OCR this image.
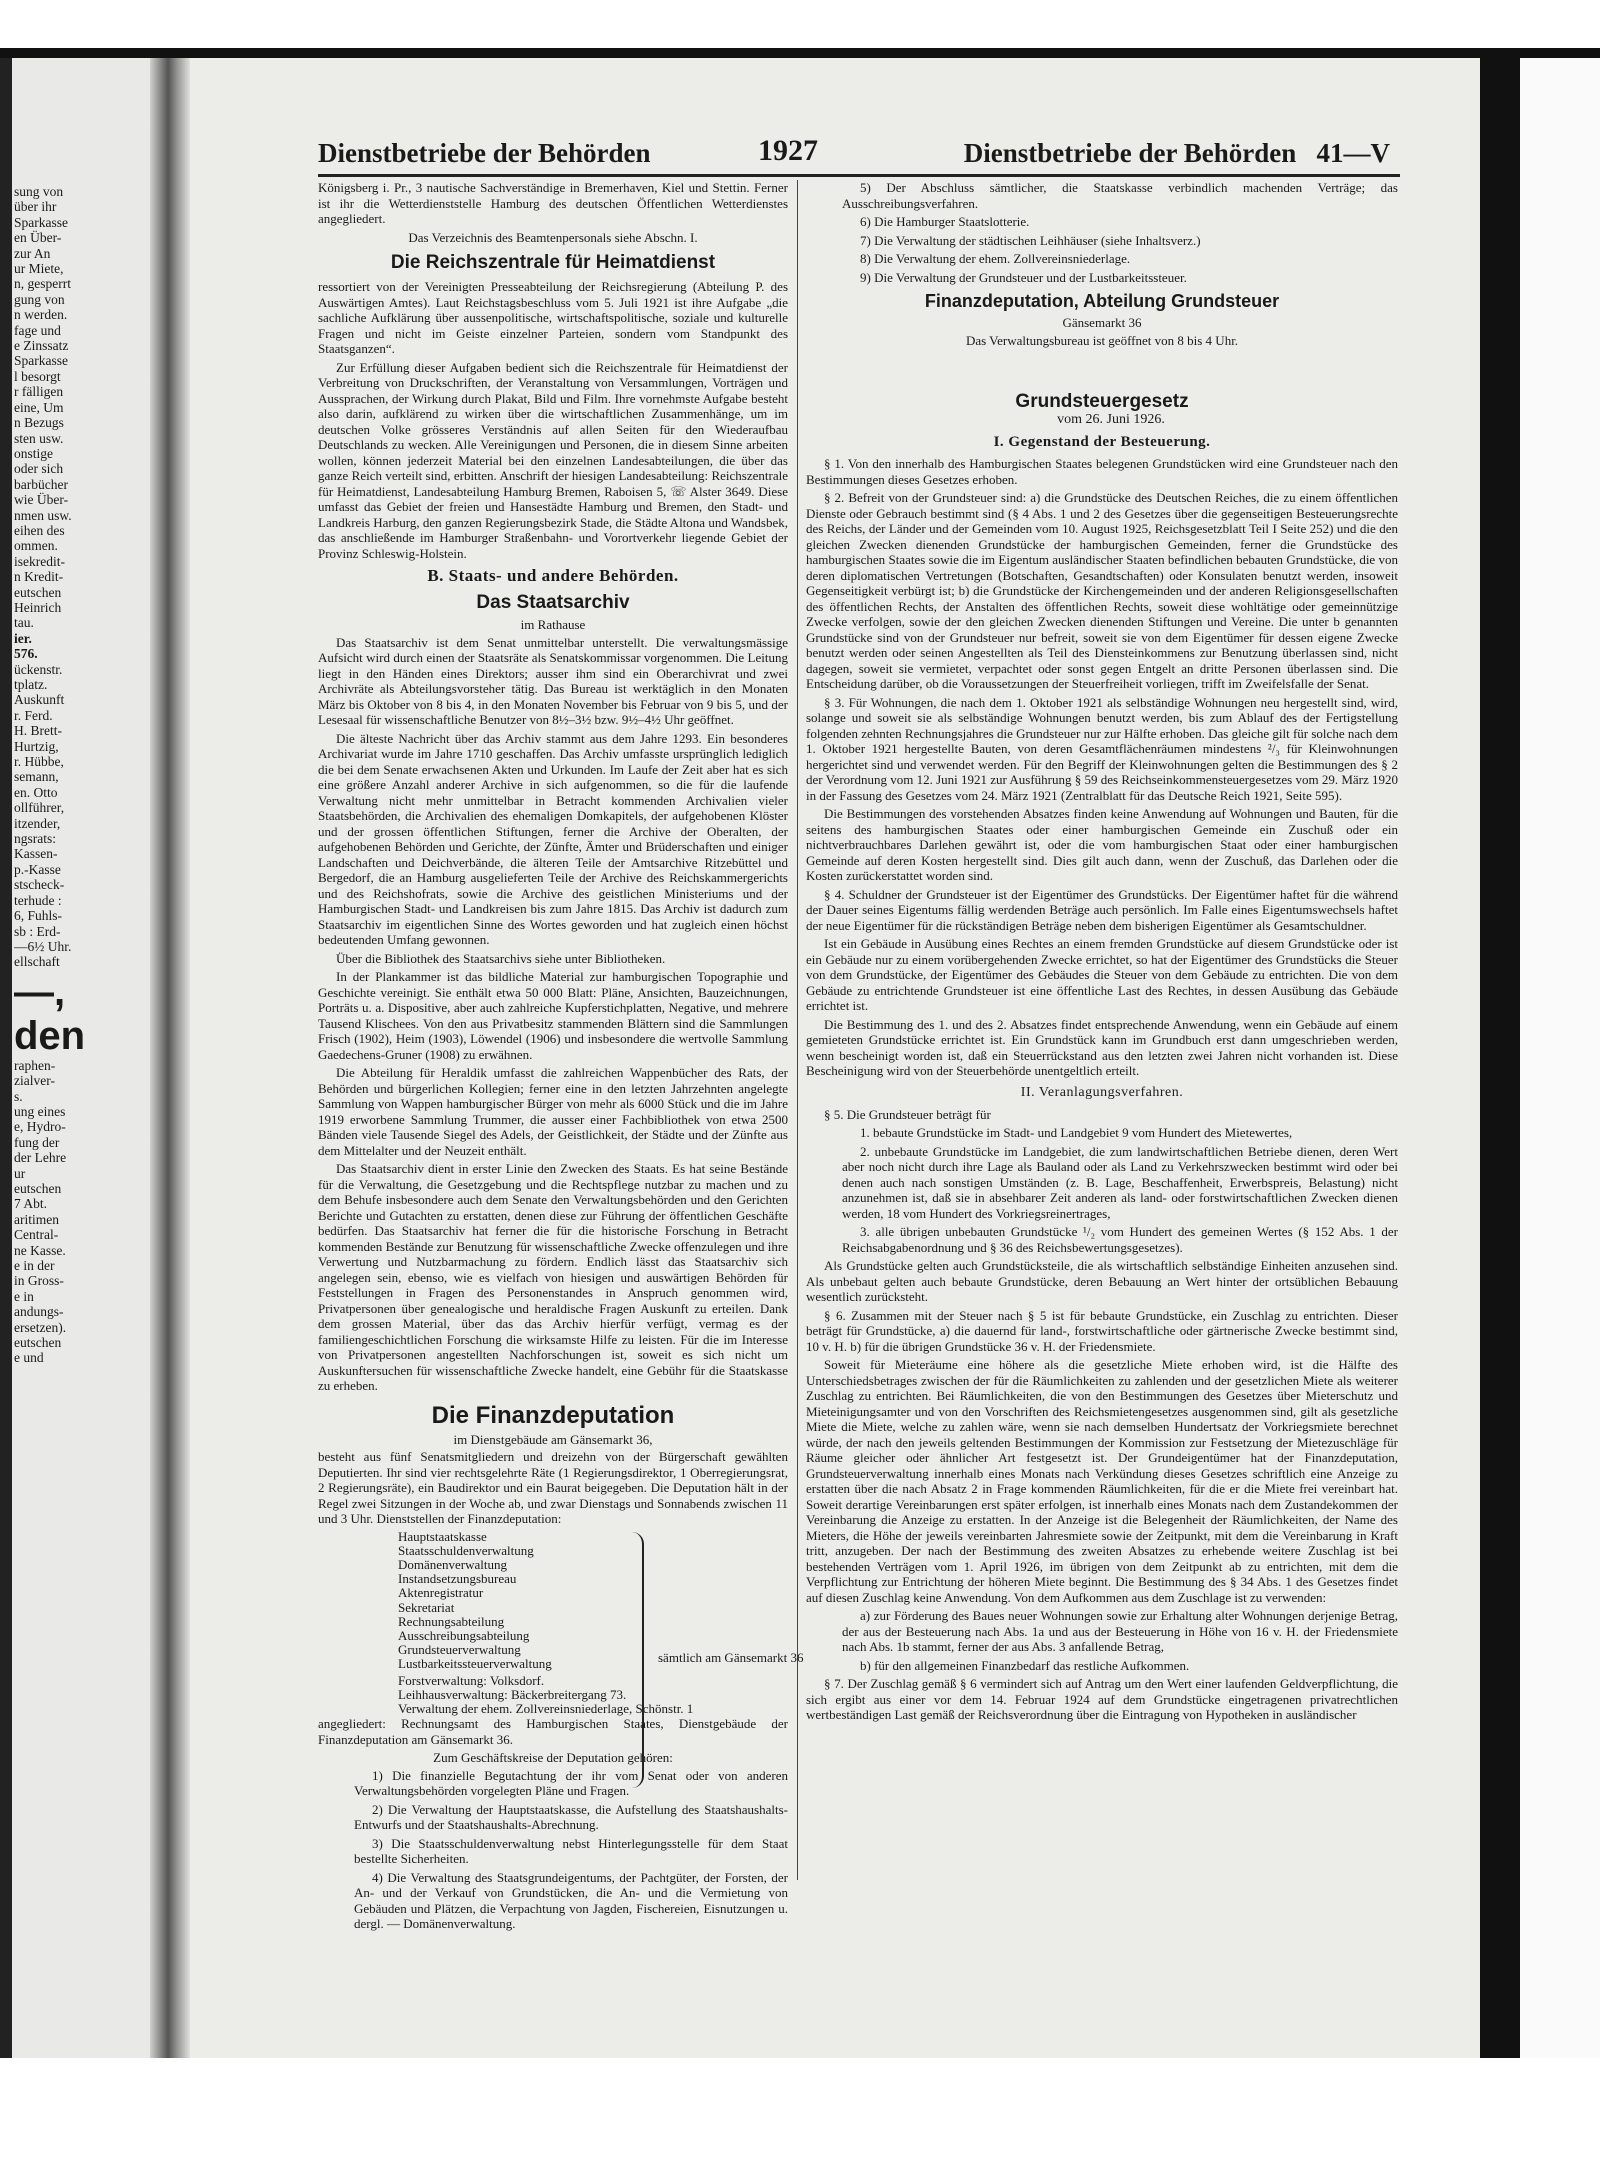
sung von
über ihr
Sparkasse
en Über-
zur An
ur Miete,
n, gesperrt
gung von
n werden.
fage und
e Zinssatz
Sparkasse
l besorgt
r fälligen
eine, Um
n Bezugs
sten usw.
onstige
oder sich
barbücher
wie Über-
nmen usw.
eihen des
ommen.
isekredit-
n Kredit-
eutschen
Heinrich
tau.
ier.
576.
ückenstr.
tplatz.
Auskunft
r. Ferd.
H. Brett-
Hurtzig,
r. Hübbe,
semann,
en. Otto
ollführer,
itzender,
ngsrats:
Kassen-
p.-Kasse
stscheck-
terhude :
6, Fuhls-
sb : Erd-
—6½ Uhr.
ellschaft
—,
den
raphen-
zialver-
s.
ung eines
e, Hydro-
fung der
der Lehre
ur
eutschen
7 Abt.
aritimen
Central-
ne Kasse.
e in der
in Gross-
e in
andungs-
ersetzen).
eutschen
e und
Dienstbetriebe der Behörden	1927	Dienstbetriebe der Behörden 41—V

Königsberg i. Pr., 3 nautische Sachverständige in Bremerhaven, Kiel und Stettin. Ferner ist ihr die Wetterdienststelle Hamburg des deutschen Öffentlichen Wetterdienstes angegliedert.

Das Verzeichnis des Beamtenpersonals siehe Abschn. I.

Die Reichszentrale für Heimatdienst

ressortiert von der Vereinigten Presseabteilung der Reichsregierung (Abteilung P. des Auswärtigen Amtes). Laut Reichstagsbeschluss vom 5. Juli 1921 ist ihre Aufgabe „die sachliche Aufklärung über aussenpolitische, wirtschaftspolitische, soziale und kulturelle Fragen und nicht im Geiste einzelner Parteien, sondern vom Standpunkt des Staatsganzen“.

Zur Erfüllung dieser Aufgaben bedient sich die Reichszentrale für Heimatdienst der Verbreitung von Druckschriften, der Veranstaltung von Versammlungen, Vorträgen und Aussprachen, der Wirkung durch Plakat, Bild und Film. Ihre vornehmste Aufgabe besteht also darin, aufklärend zu wirken über die wirtschaftlichen Zusammenhänge, um im deutschen Volke grösseres Verständnis auf allen Seiten für den Wiederaufbau Deutschlands zu wecken. Alle Vereinigungen und Personen, die in diesem Sinne arbeiten wollen, können jederzeit Material bei den einzelnen Landesabteilungen, die über das ganze Reich verteilt sind, erbitten. Anschrift der hiesigen Landesabteilung: Reichszentrale für Heimatdienst, Landesabteilung Hamburg Bremen, Raboisen 5, ☏ Alster 3649. Diese umfasst das Gebiet der freien und Hansestädte Hamburg und Bremen, den Stadt- und Landkreis Harburg, den ganzen Regierungsbezirk Stade, die Städte Altona und Wandsbek, das anschließende im Hamburger Straßenbahn- und Vorortverkehr liegende Gebiet der Provinz Schleswig-Holstein.

B. Staats- und andere Behörden.
Das Staatsarchiv

im Rathause

Das Staatsarchiv ist dem Senat unmittelbar unterstellt. Die verwaltungsmässige Aufsicht wird durch einen der Staatsräte als Senatskommissar vorgenommen. Die Leitung liegt in den Händen eines Direktors; ausser ihm sind ein Oberarchivrat und zwei Archivräte als Abteilungsvorsteher tätig. Das Bureau ist werktäglich in den Monaten März bis Oktober von 8 bis 4, in den Monaten November bis Februar von 9 bis 5, und der Lesesaal für wissenschaftliche Benutzer von 8½–3½ bzw. 9½–4½ Uhr geöffnet.

Die älteste Nachricht über das Archiv stammt aus dem Jahre 1293. Ein besonderes Archivariat wurde im Jahre 1710 geschaffen. Das Archiv umfasste ursprünglich lediglich die bei dem Senate erwachsenen Akten und Urkunden. Im Laufe der Zeit aber hat es sich eine größere Anzahl anderer Archive in sich aufgenommen, so die für die laufende Verwaltung nicht mehr unmittelbar in Betracht kommenden Archivalien vieler Staatsbehörden, die Archivalien des ehemaligen Domkapitels, der aufgehobenen Klöster und der grossen öffentlichen Stiftungen, ferner die Archive der Oberalten, der aufgehobenen Behörden und Gerichte, der Zünfte, Ämter und Brüderschaften und einiger Landschaften und Deichverbände, die älteren Teile der Amtsarchive Ritzebüttel und Bergedorf, die an Hamburg ausgelieferten Teile der Archive des Reichskammergerichts und des Reichshofrats, sowie die Archive des geistlichen Ministeriums und der Hamburgischen Stadt- und Landkreisen bis zum Jahre 1815. Das Archiv ist dadurch zum Staatsarchiv im eigentlichen Sinne des Wortes geworden und hat zugleich einen höchst bedeutenden Umfang gewonnen.

Über die Bibliothek des Staatsarchivs siehe unter Bibliotheken.

In der Plankammer ist das bildliche Material zur hamburgischen Topographie und Geschichte vereinigt. Sie enthält etwa 50 000 Blatt: Pläne, Ansichten, Bauzeichnungen, Porträts u. a. Dispositive, aber auch zahlreiche Kupferstichplatten, Negative, und mehrere Tausend Klischees. Von den aus Privatbesitz stammenden Blättern sind die Sammlungen Frisch (1902), Heim (1903), Löwendel (1906) und insbesondere die wertvolle Sammlung Gaedechens-Gruner (1908) zu erwähnen.

Die Abteilung für Heraldik umfasst die zahlreichen Wappenbücher des Rats, der Behörden und bürgerlichen Kollegien; ferner eine in den letzten Jahrzehnten angelegte Sammlung von Wappen hamburgischer Bürger von mehr als 6000 Stück und die im Jahre 1919 erworbene Sammlung Trummer, die ausser einer Fachbibliothek von etwa 2500 Bänden viele Tausende Siegel des Adels, der Geistlichkeit, der Städte und der Zünfte aus dem Mittelalter und der Neuzeit enthält.

Das Staatsarchiv dient in erster Linie den Zwecken des Staats. Es hat seine Bestände für die Verwaltung, die Gesetzgebung und die Rechtspflege nutzbar zu machen und zu dem Behufe insbesondere auch dem Senate den Verwaltungsbehörden und den Gerichten Berichte und Gutachten zu erstatten, denen diese zur Führung der öffentlichen Geschäfte bedürfen. Das Staatsarchiv hat ferner die für die historische Forschung in Betracht kommenden Bestände zur Benutzung für wissenschaftliche Zwecke offenzulegen und ihre Verwertung und Nutzbarmachung zu fördern. Endlich lässt das Staatsarchiv sich angelegen sein, ebenso, wie es vielfach von hiesigen und auswärtigen Behörden für Feststellungen in Fragen des Personenstandes in Anspruch genommen wird, Privatpersonen über genealogische und heraldische Fragen Auskunft zu erteilen. Dank dem grossen Material, über das das Archiv hierfür verfügt, vermag es der familiengeschichtlichen Forschung die wirksamste Hilfe zu leisten. Für die im Interesse von Privatpersonen angestellten Nachforschungen ist, soweit es sich nicht um Auskunftersuchen für wissenschaftliche Zwecke handelt, eine Gebühr für die Staatskasse zu erheben.

Die Finanzdeputation

im Dienstgebäude am Gänsemarkt 36,

besteht aus fünf Senatsmitgliedern und dreizehn von der Bürgerschaft gewählten Deputierten. Ihr sind vier rechtsgelehrte Räte (1 Regierungsdirektor, 1 Oberregierungsrat, 2 Regierungsräte), ein Baudirektor und ein Baurat beigegeben. Die Deputation hält in der Regel zwei Sitzungen in der Woche ab, und zwar Dienstags und Sonnabends zwischen 11 und 3 Uhr. Dienststellen der Finanzdeputation:

Hauptstaatskasse
Staatsschuldenverwaltung
Domänenverwaltung
Instandsetzungsbureau
Aktenregistratur
Sekretariat
Rechnungsabteilung
Ausschreibungsabteilung
Grundsteuerverwaltung
Lustbarkeitssteuerverwaltung	sämtlich am Gänsemarkt 36
Forstverwaltung: Volksdorf.
Leihhausverwaltung: Bäckerbreitergang 73.
Verwaltung der ehem. Zollvereinsniederlage, Schönstr. 1

angegliedert: Rechnungsamt des Hamburgischen Staates, Dienstgebäude der Finanzdeputation am Gänsemarkt 36.

Zum Geschäftskreise der Deputation gehören:

1) Die finanzielle Begutachtung der ihr vom Senat oder von anderen Verwaltungsbehörden vorgelegten Pläne und Fragen.

2) Die Verwaltung der Hauptstaatskasse, die Aufstellung des Staatshaushalts-Entwurfs und der Staatshaushalts-Abrechnung.

3) Die Staatsschuldenverwaltung nebst Hinterlegungsstelle für dem Staat bestellte Sicherheiten.

4) Die Verwaltung des Staatsgrundeigentums, der Pachtgüter, der Forsten, der An- und der Verkauf von Grundstücken, die An- und die Vermietung von Gebäuden und Plätzen, die Verpachtung von Jagden, Fischereien, Eisnutzungen u. dergl. — Domänenverwaltung.

5) Der Abschluss sämtlicher, die Staatskasse verbindlich machenden Verträge; das Ausschreibungsverfahren.

6) Die Hamburger Staatslotterie.

7) Die Verwaltung der städtischen Leihhäuser (siehe Inhaltsverz.)

8) Die Verwaltung der ehem. Zollvereinsniederlage.

9) Die Verwaltung der Grundsteuer und der Lustbarkeitssteuer.

Finanzdeputation, Abteilung Grundsteuer

Gänsemarkt 36

Das Verwaltungsbureau ist geöffnet von 8 bis 4 Uhr.

Grundsteuergesetz

vom 26. Juni 1926.

I. Gegenstand der Besteuerung.

§ 1. Von den innerhalb des Hamburgischen Staates belegenen Grundstücken wird eine Grundsteuer nach den Bestimmungen dieses Gesetzes erhoben.

§ 2. Befreit von der Grundsteuer sind: a) die Grundstücke des Deutschen Reiches, die zu einem öffentlichen Dienste oder Gebrauch bestimmt sind (§ 4 Abs. 1 und 2 des Gesetzes über die gegenseitigen Besteuerungsrechte des Reichs, der Länder und der Gemeinden vom 10. August 1925, Reichsgesetzblatt Teil I Seite 252) und die den gleichen Zwecken dienenden Grundstücke der hamburgischen Gemeinden, ferner die Grundstücke des hamburgischen Staates sowie die im Eigentum ausländischer Staaten befindlichen bebauten Grundstücke, die von deren diplomatischen Vertretungen (Botschaften, Gesandtschaften) oder Konsulaten benutzt werden, insoweit Gegenseitigkeit verbürgt ist; b) die Grundstücke der Kirchengemeinden und der anderen Religionsgesellschaften des öffentlichen Rechts, der Anstalten des öffentlichen Rechts, soweit diese wohltätige oder gemeinnützige Zwecke verfolgen, sowie der den gleichen Zwecken dienenden Stiftungen und Vereine. Die unter b genannten Grundstücke sind von der Grundsteuer nur befreit, soweit sie von dem Eigentümer für dessen eigene Zwecke benutzt werden oder seinen Angestellten als Teil des Diensteinkommens zur Benutzung überlassen sind, nicht dagegen, soweit sie vermietet, verpachtet oder sonst gegen Entgelt an dritte Personen überlassen sind. Die Entscheidung darüber, ob die Voraussetzungen der Steuerfreiheit vorliegen, trifft im Zweifelsfalle der Senat.

§ 3. Für Wohnungen, die nach dem 1. Oktober 1921 als selbständige Wohnungen neu hergestellt sind, wird, solange und soweit sie als selbständige Wohnungen benutzt werden, bis zum Ablauf des der Fertigstellung folgenden zehnten Rechnungsjahres die Grundsteuer nur zur Hälfte erhoben. Das gleiche gilt für solche nach dem 1. Oktober 1921 hergestellte Bauten, von deren Gesamtflächenräumen mindestens ²/₃ für Kleinwohnungen hergerichtet sind und verwendet werden. Für den Begriff der Kleinwohnungen gelten die Bestimmungen des § 2 der Verordnung vom 12. Juni 1921 zur Ausführung § 59 des Reichseinkommensteuergesetzes vom 29. März 1920 in der Fassung des Gesetzes vom 24. März 1921 (Zentralblatt für das Deutsche Reich 1921, Seite 595).

Die Bestimmungen des vorstehenden Absatzes finden keine Anwendung auf Wohnungen und Bauten, für die seitens des hamburgischen Staates oder einer hamburgischen Gemeinde ein Zuschuß oder ein nichtverbrauchbares Darlehen gewährt ist, oder die vom hamburgischen Staat oder einer hamburgischen Gemeinde auf deren Kosten hergestellt sind. Dies gilt auch dann, wenn der Zuschuß, das Darlehen oder die Kosten zurückerstattet worden sind.

§ 4. Schuldner der Grundsteuer ist der Eigentümer des Grundstücks. Der Eigentümer haftet für die während der Dauer seines Eigentums fällig werdenden Beträge auch persönlich. Im Falle eines Eigentumswechsels haftet der neue Eigentümer für die rückständigen Beträge neben dem bisherigen Eigentümer als Gesamtschuldner.

Ist ein Gebäude in Ausübung eines Rechtes an einem fremden Grundstücke auf diesem Grundstücke oder ist ein Gebäude nur zu einem vorübergehenden Zwecke errichtet, so hat der Eigentümer des Grundstücks die Steuer von dem Grundstücke, der Eigentümer des Gebäudes die Steuer von dem Gebäude zu entrichten. Die von dem Gebäude zu entrichtende Grundsteuer ist eine öffentliche Last des Rechtes, in dessen Ausübung das Gebäude errichtet ist.

Die Bestimmung des 1. und des 2. Absatzes findet entsprechende Anwendung, wenn ein Gebäude auf einem gemieteten Grundstücke errichtet ist. Ein Grundstück kann im Grundbuch erst dann umgeschrieben werden, wenn bescheinigt worden ist, daß ein Steuerrückstand aus den letzten zwei Jahren nicht vorhanden ist. Diese Bescheinigung wird von der Steuerbehörde unentgeltlich erteilt.

II. Veranlagungsverfahren.

§ 5. Die Grundsteuer beträgt für

1. bebaute Grundstücke im Stadt- und Landgebiet 9 vom Hundert des Mietewertes,

2. unbebaute Grundstücke im Landgebiet, die zum landwirtschaftlichen Betriebe dienen, deren Wert aber noch nicht durch ihre Lage als Bauland oder als Land zu Verkehrszwecken bestimmt wird oder bei denen auch nach sonstigen Umständen (z. B. Lage, Beschaffenheit, Erwerbspreis, Belastung) nicht anzunehmen ist, daß sie in absehbarer Zeit anderen als land- oder forstwirtschaftlichen Zwecken dienen werden, 18 vom Hundert des Vorkriegsreinertrages,

3. alle übrigen unbebauten Grundstücke ¹/₂ vom Hundert des gemeinen Wertes (§ 152 Abs. 1 der Reichsabgabenordnung und § 36 des Reichsbewertungsgesetzes).

Als Grundstücke gelten auch Grundstücksteile, die als wirtschaftlich selbständige Einheiten anzusehen sind. Als unbebaut gelten auch bebaute Grundstücke, deren Bebauung an Wert hinter der ortsüblichen Bebauung wesentlich zurücksteht.

§ 6. Zusammen mit der Steuer nach § 5 ist für bebaute Grundstücke, ein Zuschlag zu entrichten. Dieser beträgt für Grundstücke, a) die dauernd für land-, forstwirtschaftliche oder gärtnerische Zwecke bestimmt sind, 10 v. H. b) für die übrigen Grundstücke 36 v. H. der Friedensmiete.

Soweit für Mieteräume eine höhere als die gesetzliche Miete erhoben wird, ist die Hälfte des Unterschiedsbetrages zwischen der für die Räumlichkeiten zu zahlenden und der gesetzlichen Miete als weiterer Zuschlag zu entrichten. Bei Räumlichkeiten, die von den Bestimmungen des Gesetzes über Mieterschutz und Mieteinigungsamter und von den Vorschriften des Reichsmietengesetzes ausgenommen sind, gilt als gesetzliche Miete die Miete, welche zu zahlen wäre, wenn sie nach demselben Hundertsatz der Vorkriegsmiete berechnet würde, der nach den jeweils geltenden Bestimmungen der Kommission zur Festsetzung der Mietezuschläge für Räume gleicher oder ähnlicher Art festgesetzt ist. Der Grundeigentümer hat der Finanzdeputation, Grundsteuerverwaltung innerhalb eines Monats nach Verkündung dieses Gesetzes schriftlich eine Anzeige zu erstatten über die nach Absatz 2 in Frage kommenden Räumlichkeiten, für die er die Miete frei vereinbart hat. Soweit derartige Vereinbarungen erst später erfolgen, ist innerhalb eines Monats nach dem Zustandekommen der Vereinbarung die Anzeige zu erstatten. In der Anzeige ist die Belegenheit der Räumlichkeiten, der Name des Mieters, die Höhe der jeweils vereinbarten Jahresmiete sowie der Zeitpunkt, mit dem die Vereinbarung in Kraft tritt, anzugeben. Der nach der Bestimmung des zweiten Absatzes zu erhebende weitere Zuschlag ist bei bestehenden Verträgen vom 1. April 1926, im übrigen von dem Zeitpunkt ab zu entrichten, mit dem die Verpflichtung zur Entrichtung der höheren Miete beginnt. Die Bestimmung des § 34 Abs. 1 des Gesetzes findet auf diesen Zuschlag keine Anwendung. Von dem Aufkommen aus dem Zuschlage ist zu verwenden:

a) zur Förderung des Baues neuer Wohnungen sowie zur Erhaltung alter Wohnungen derjenige Betrag, der aus der Besteuerung nach Abs. 1a und aus der Besteuerung in Höhe von 16 v. H. der Friedensmiete nach Abs. 1b stammt, ferner der aus Abs. 3 anfallende Betrag,

b) für den allgemeinen Finanzbedarf das restliche Aufkommen.

§ 7. Der Zuschlag gemäß § 6 vermindert sich auf Antrag um den Wert einer laufenden Geldverpflichtung, die sich ergibt aus einer vor dem 14. Februar 1924 auf dem Grundstücke eingetragenen privatrechtlichen wertbeständigen Last gemäß der Reichsverordnung über die Eintragung von Hypotheken in ausländischer
